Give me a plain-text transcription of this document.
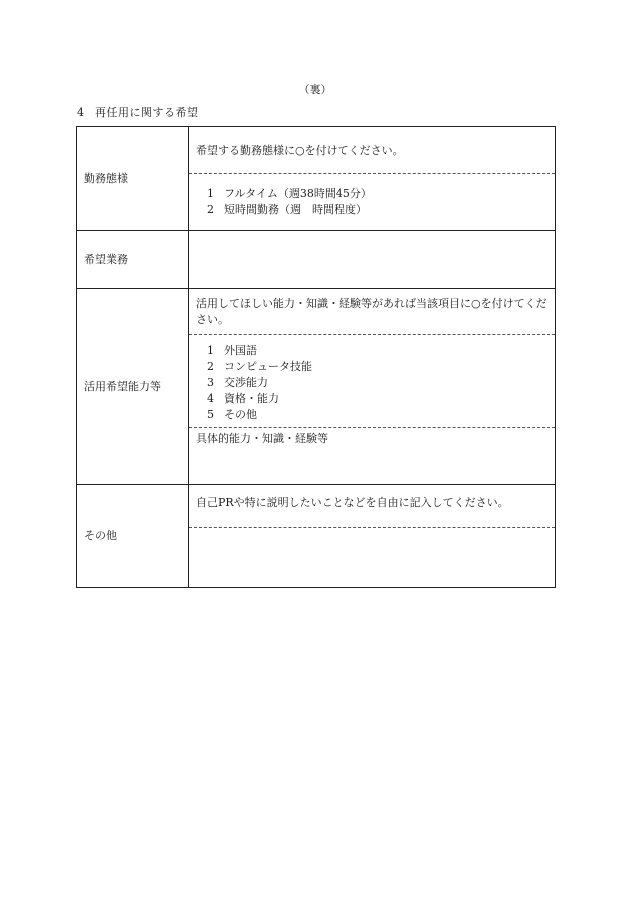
（裏）
4 再任用に関する希望
勤務態様
希望する勤務態様に○を付けてください。
1 フルタイム（週38時間45分）
2 短時間勤務（週　時間程度）
希望業務
活用希望能力等
活用してほしい能力・知識・経験等があれば当該項目に○を付けてください。
1 外国語
2 コンピュータ技能
3 交渉能力
4 資格・能力
5 その他
具体的能力・知識・経験等
その他
自己PRや特に説明したいことなどを自由に記入してください。
